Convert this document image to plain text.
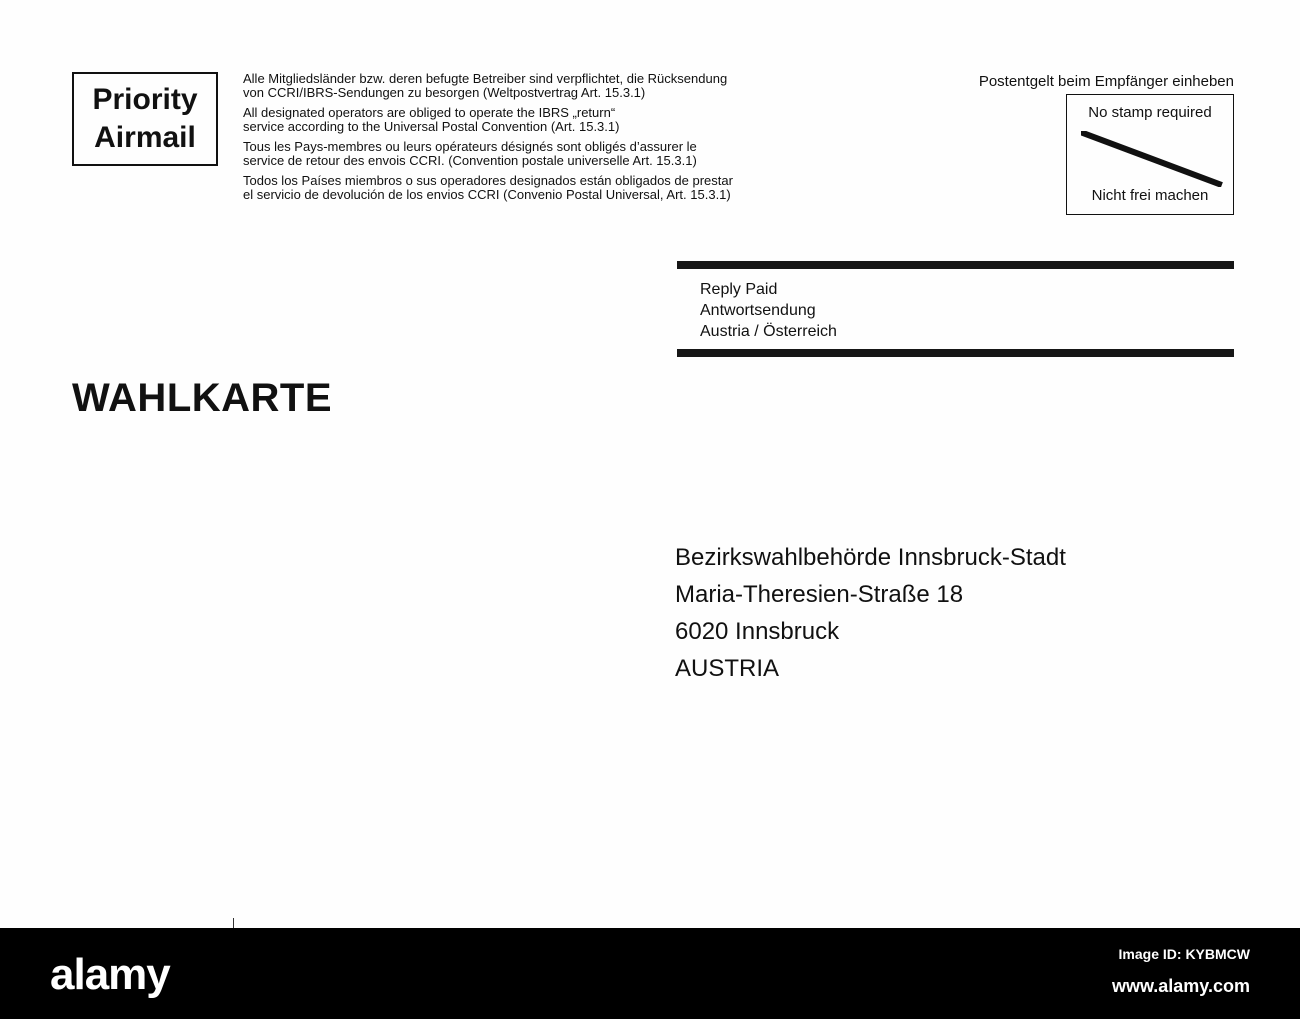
Priority
Airmail

Alle Mitgliedsländer bzw. deren befugte Betreiber sind verpflichtet, die Rücksendung
von CCRI/IBRS-Sendungen zu besorgen (Weltpostvertrag Art. 15.3.1)

All designated operators are obliged to operate the IBRS „return“
service according to the Universal Postal Convention (Art. 15.3.1)

Tous les Pays-membres ou leurs opérateurs désignés sont obligés d’assurer le
service de retour des envois CCRI. (Convention postale universelle Art. 15.3.1)

Todos los Países miembros o sus operadores designados están obligados de prestar
el servicio de devolución de los envios CCRI (Convenio Postal Universal, Art. 15.3.1)

Postentgelt beim Empfänger einheben
No stamp required
Nicht frei machen
Reply Paid
Antwortsendung
Austria / Österreich
WAHLKARTE
Bezirkswahlbehörde Innsbruck-Stadt
Maria-Theresien-Straße 18
6020 Innsbruck
AUSTRIA
alamy	Image ID: KYBMCW
www.alamy.com
